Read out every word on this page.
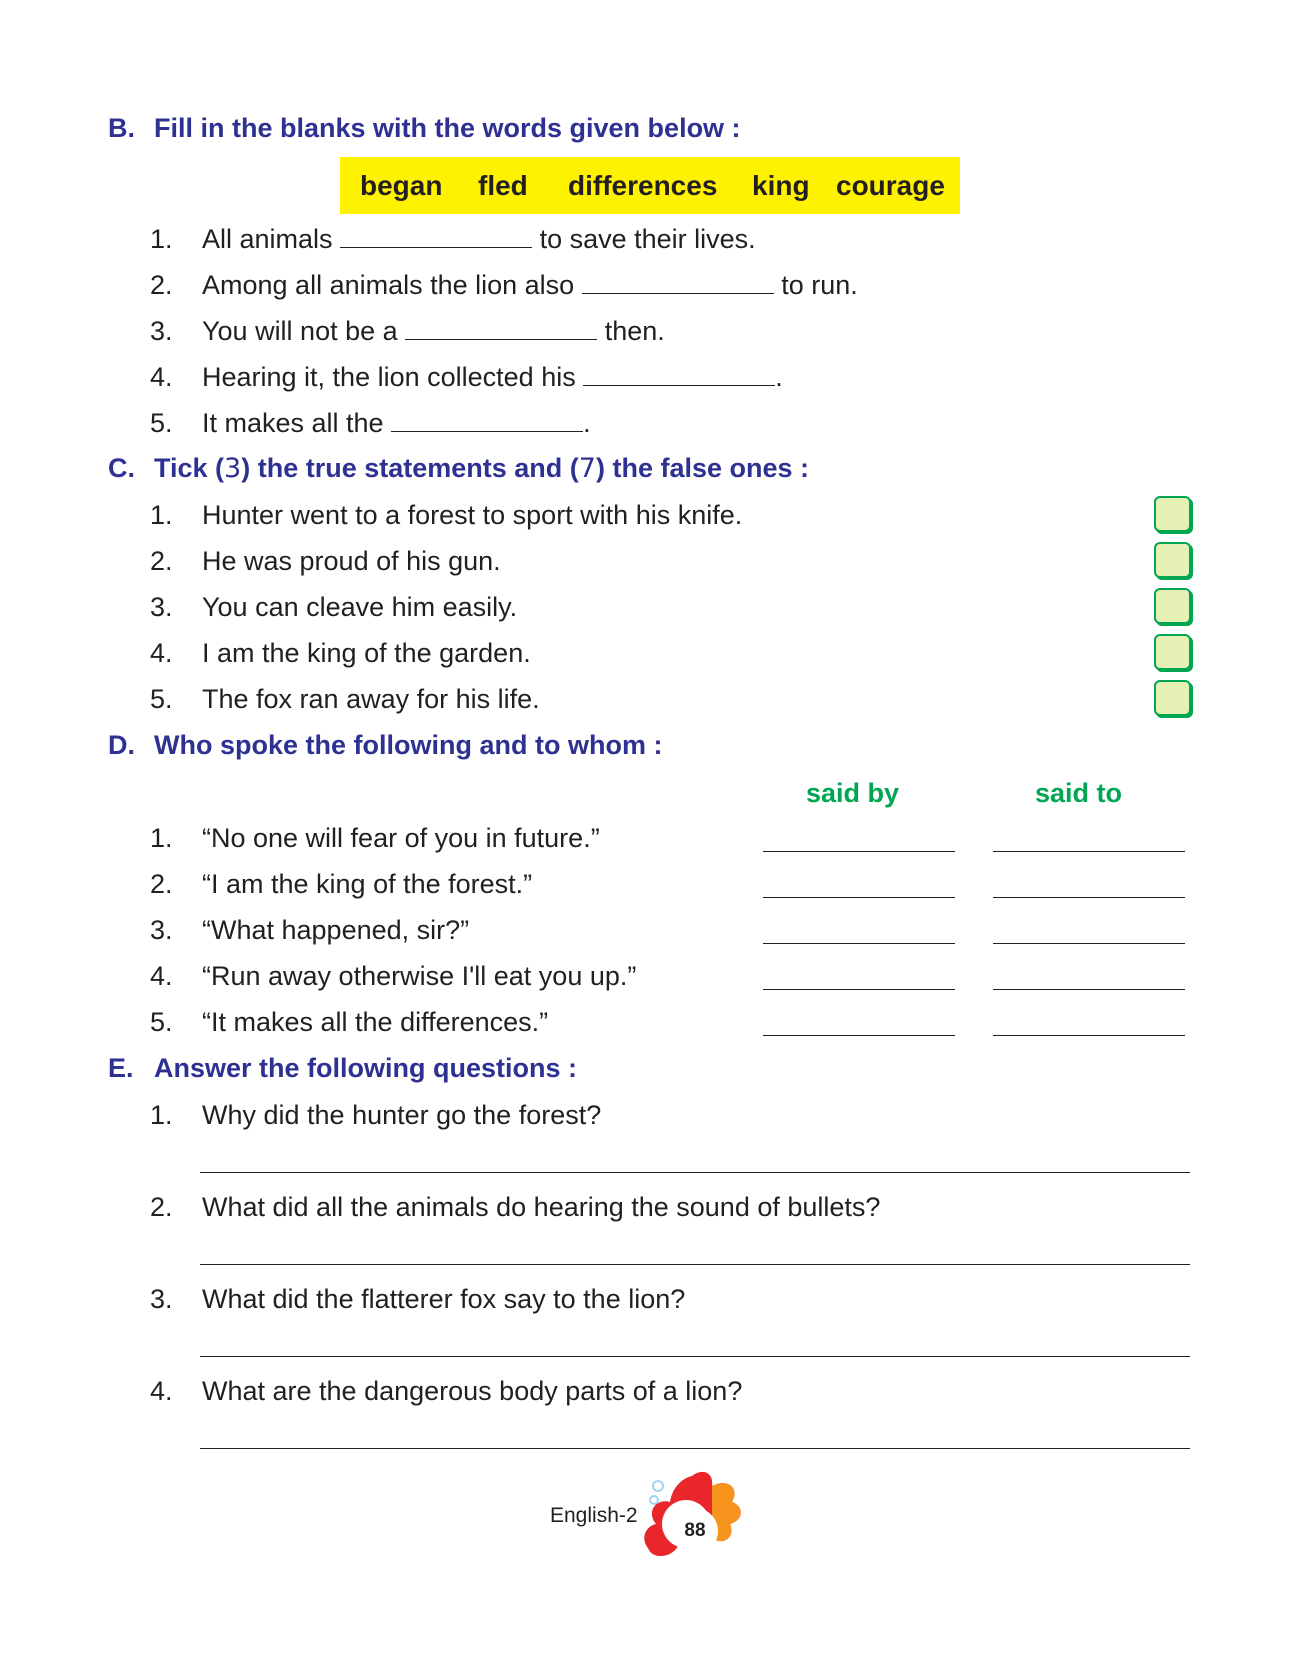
B. Fill in the blanks with the words given below :
began fled differences king courage
1. All animals	to save their lives.
2. Among all animals the lion also	to run.
3. You will not be a	then.
4. Hearing it, the lion collected his	.
5. It makes all the	.
C. Tick (3) the true statements and (7) the false ones :
1. Hunter went to a forest to sport with his knife.
2. He was proud of his gun.
3. You can cleave him easily.
4. I am the king of the garden.
5. The fox ran away for his life.
D. Who spoke the following and to whom :
said by	said to
1. “No one will fear of you in future.”
2. “I am the king of the forest.”
3. “What happened, sir?”
4. “Run away otherwise I'll eat you up.”
5. “It makes all the differences.”
E. Answer the following questions :
1. Why did the hunter go the forest?
2. What did all the animals do hearing the sound of bullets?
3. What did the flatterer fox say to the lion?
4. What are the dangerous body parts of a lion?
English-2
88
